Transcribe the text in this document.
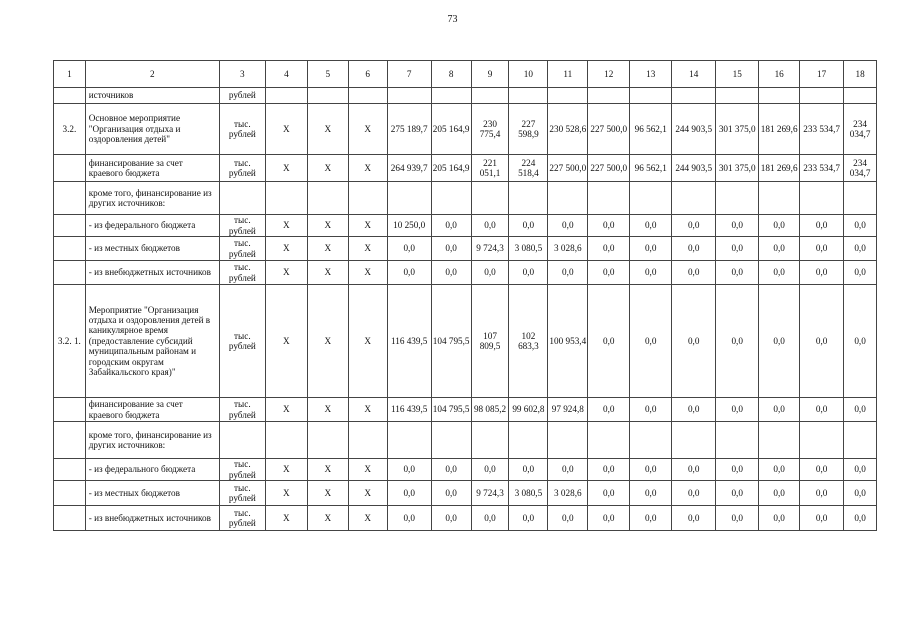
73
1	2	3	4	5	6	7	8	9	10	11	12	13	14	15	16	17	18
	источников	рублей															
3.2.	Основное мероприятие "Организация отдыха и оздоровления детей"	тыс. рублей	X	X	X	275 189,7	205 164,9	230 775,4	227 598,9	230 528,6	227 500,0	96 562,1	244 903,5	301 375,0	181 269,6	233 534,7	234 034,7
	финансирование за счет краевого бюджета	тыс. рублей	X	X	X	264 939,7	205 164,9	221 051,1	224 518,4	227 500,0	227 500,0	96 562,1	244 903,5	301 375,0	181 269,6	233 534,7	234 034,7
	кроме того, финансирование из других источников:																
	- из федерального бюджета	тыс. рублей	X	X	X	10 250,0	0,0	0,0	0,0	0,0	0,0	0,0	0,0	0,0	0,0	0,0	0,0
	- из местных бюджетов	тыс. рублей	X	X	X	0,0	0,0	9 724,3	3 080,5	3 028,6	0,0	0,0	0,0	0,0	0,0	0,0	0,0
	- из внебюджетных источников	тыс. рублей	X	X	X	0,0	0,0	0,0	0,0	0,0	0,0	0,0	0,0	0,0	0,0	0,0	0,0
3.2. 1.	Мероприятие "Организация отдыха и оздоровления детей в каникулярное время (предоставление субсидий муниципальным районам и городским округам Забайкальского края)"	тыс. рублей	X	X	X	116 439,5	104 795,5	107 809,5	102 683,3	100 953,4	0,0	0,0	0,0	0,0	0,0	0,0	0,0
	финансирование за счет краевого бюджета	тыс. рублей	X	X	X	116 439,5	104 795,5	98 085,2	99 602,8	97 924,8	0,0	0,0	0,0	0,0	0,0	0,0	0,0
	кроме того, финансирование из других источников:																
	- из федерального бюджета	тыс. рублей	X	X	X	0,0	0,0	0,0	0,0	0,0	0,0	0,0	0,0	0,0	0,0	0,0	0,0
	- из местных бюджетов	тыс. рублей	X	X	X	0,0	0,0	9 724,3	3 080,5	3 028,6	0,0	0,0	0,0	0,0	0,0	0,0	0,0
	- из внебюджетных источников	тыс. рублей	X	X	X	0,0	0,0	0,0	0,0	0,0	0,0	0,0	0,0	0,0	0,0	0,0	0,0
